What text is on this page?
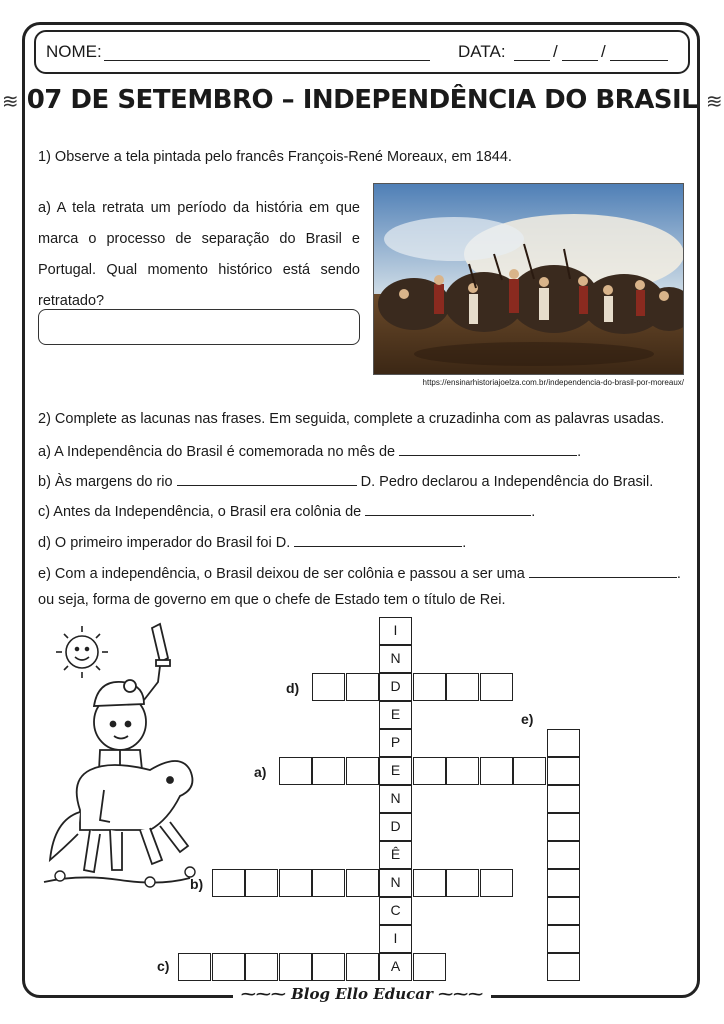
NOME:	DATA:	/	/
≋ 07 DE SETEMBRO – INDEPENDÊNCIA DO BRASIL ≋
1) Observe a tela pintada pelo francês François-René Moreaux, em 1844.
a) A tela retrata um período da história em que marca o processo de separação do Brasil e Portugal. Qual momento histórico está sendo retratado?
https://ensinarhistoriajoelza.com.br/independencia-do-brasil-por-moreaux/
2) Complete as lacunas nas frases. Em seguida, complete a cruzadinha com as palavras usadas.
a) A Independência do Brasil é comemorada no mês de	.
b) Às margens do rio	D. Pedro declarou a Independência do Brasil.
c) Antes da Independência, o Brasil era colônia de	.
d) O primeiro imperador do Brasil foi D.	.
e) Com a independência, o Brasil deixou de ser colônia e passou a ser uma	.
ou seja, forma de governo em que o chefe de Estado tem o título de Rei.
I
N
D
E
P
E
N
D
Ê
N
C
I
A
d)
e)
a)
b)
c)
⁓⁓⁓ Blog Ello Educar ⁓⁓⁓
